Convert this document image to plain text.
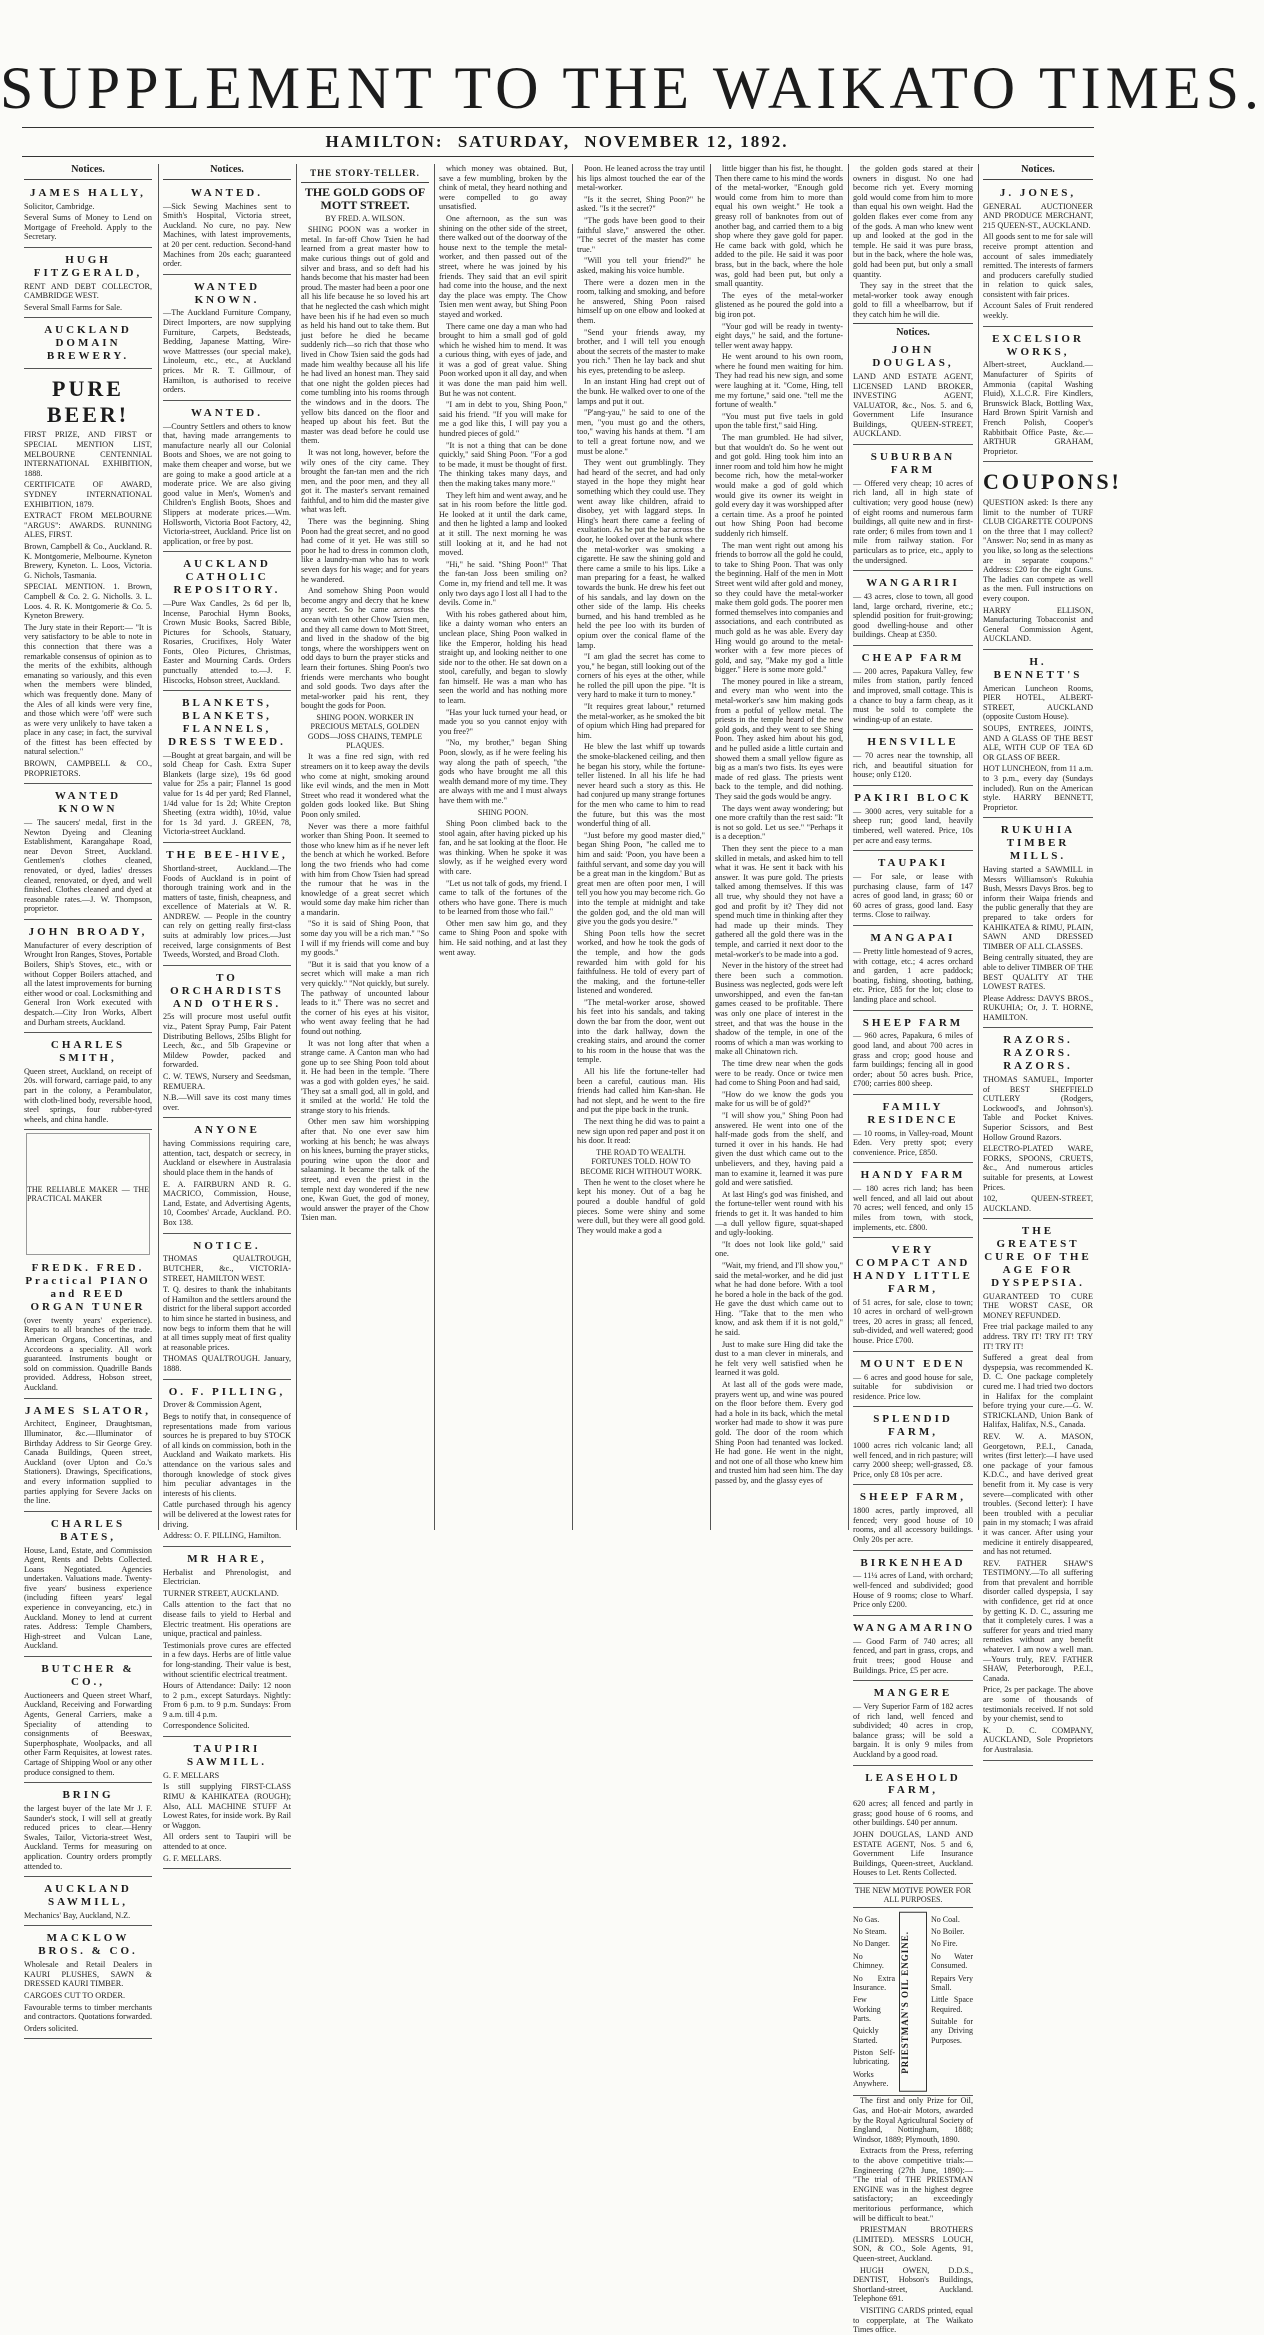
SUPPLEMENT TO THE WAIKATO TIMES.
HAMILTON: SATURDAY, NOVEMBER 12, 1892.
Notices.
JAMES HALLY,

Solicitor, Cambridge.

Several Sums of Money to Lend on Mortgage of Freehold. Apply to the Secretary.

HUGH FITZGERALD,

RENT AND DEBT COLLECTOR, CAMBRIDGE WEST.

Several Small Farms for Sale.

AUCKLAND DOMAIN BREWERY.
PURE BEER!

FIRST PRIZE, AND FIRST or SPECIAL MENTION LIST, MELBOURNE CENTENNIAL INTERNATIONAL EXHIBITION, 1888.

CERTIFICATE OF AWARD, SYDNEY INTERNATIONAL EXHIBITION, 1879.

EXTRACT FROM MELBOURNE "ARGUS": AWARDS. RUNNING ALES, FIRST.

Brown, Campbell & Co., Auckland. R. K. Montgomerie, Melbourne. Kyneton Brewery, Kyneton. L. Loos, Victoria. G. Nichols, Tasmania.

SPECIAL MENTION. 1. Brown, Campbell & Co. 2. G. Nicholls. 3. L. Loos. 4. R. K. Montgomerie & Co. 5. Kyneton Brewery.

The Jury state in their Report:— "It is very satisfactory to be able to note in this connection that there was a remarkable consensus of opinion as to the merits of the exhibits, although emanating so variously, and this even when the members were blinded, which was frequently done. Many of the Ales of all kinds were very fine, and those which were 'off' were such as were very unlikely to have taken a place in any case; in fact, the survival of the fittest has been effected by natural selection."

BROWN, CAMPBELL & CO., PROPRIETORS.

WANTED KNOWN

— The saucers' medal, first in the Newton Dyeing and Cleaning Establishment, Karangahape Road, near Devon Street, Auckland. Gentlemen's clothes cleaned, renovated, or dyed, ladies' dresses cleaned, renovated, or dyed, and well finished. Clothes cleaned and dyed at reasonable rates.—J. W. Thompson, proprietor.

JOHN BROADY,

Manufacturer of every description of Wrought Iron Ranges, Stoves, Portable Boilers, Ship's Stoves, etc., with or without Copper Boilers attached, and all the latest improvements for burning either wood or coal. Locksmithing and General Iron Work executed with despatch.—City Iron Works, Albert and Durham streets, Auckland.

CHARLES SMITH,

Queen street, Auckland, on receipt of 20s. will forward, carriage paid, to any part in the colony, a Perambulator, with cloth-lined body, reversible hood, steel springs, four rubber-tyred wheels, and china handle.

THE RELIABLE MAKER — THE PRACTICAL MAKER
FREDK. FRED. Practical PIANO and REED ORGAN TUNER

(over twenty years' experience). Repairs to all branches of the trade. American Organs, Concertinas, and Accordeons a speciality. All work guaranteed. Instruments bought or sold on commission. Quadrille Bands provided. Address, Hobson street, Auckland.

JAMES SLATOR,

Architect, Engineer, Draughtsman, Illuminator, &c.—Illuminator of Birthday Address to Sir George Grey. Canada Buildings, Queen street, Auckland (over Upton and Co.'s Stationers). Drawings, Specifications, and every information supplied to parties applying for Severe Jacks on the line.

CHARLES BATES,

House, Land, Estate, and Commission Agent, Rents and Debts Collected. Loans Negotiated. Agencies undertaken. Valuations made. Twenty-five years' business experience (including fifteen years' legal experience in conveyancing, etc.) in Auckland. Money to lend at current rates. Address: Temple Chambers, High-street and Vulcan Lane, Auckland.

BUTCHER & CO.,

Auctioneers and Queen street Wharf, Auckland, Receiving and Forwarding Agents, General Carriers, make a Speciality of attending to consignments of Beeswax, Superphosphate, Woolpacks, and all other Farm Requisites, at lowest rates. Cartage of Shipping Wool or any other produce consigned to them.

BRING

the largest buyer of the late Mr J. F. Saunder's stock, I will sell at greatly reduced prices to clear.—Henry Swales, Tailor, Victoria-street West, Auckland. Terms for measuring on application. Country orders promptly attended to.

AUCKLAND SAWMILL,

Mechanics' Bay, Auckland, N.Z.

MACKLOW BROS. & CO.

Wholesale and Retail Dealers in KAURI PLUSHES, SAWN & DRESSED KAURI TIMBER.

CARGOES CUT TO ORDER.

Favourable terms to timber merchants and contractors. Quotations forwarded.

Orders solicited.

Notices.
WANTED.

—Sick Sewing Machines sent to Smith's Hospital, Victoria street, Auckland. No cure, no pay. New Machines, with latest improvements, at 20 per cent. reduction. Second-hand Machines from 20s each; guaranteed order.

WANTED KNOWN.

—The Auckland Furniture Company, Direct Importers, are now supplying Furniture, Carpets, Bedsteads, Bedding, Japanese Matting, Wire-wove Mattresses (our special make), Linoleum, etc., etc., at Auckland prices. Mr R. T. Gillmour, of Hamilton, is authorised to receive orders.

WANTED.

—Country Settlers and others to know that, having made arrangements to manufacture nearly all our Colonial Boots and Shoes, we are not going to make them cheaper and worse, but we are going to make a good article at a moderate price. We are also giving good value in Men's, Women's and Children's English Boots, Shoes and Slippers at moderate prices.—Wm. Hollsworth, Victoria Boot Factory, 42, Victoria-street, Auckland. Price list on application, or free by post.

AUCKLAND CATHOLIC REPOSITORY.

—Pure Wax Candles, 2s 6d per lb, Incense, Parochial Hymn Books, Crown Music Books, Sacred Bible, Pictures for Schools, Statuary, Rosaries, Crucifixes, Holy Water Fonts, Oleo Pictures, Christmas, Easter and Mourning Cards. Orders punctually attended to.—J. F. Hiscocks, Hobson street, Auckland.

BLANKETS, BLANKETS, FLANNELS, DRESS TWEED.

—Bought at great bargain, and will be sold Cheap for Cash. Extra Super Blankets (large size), 19s 6d good value for 25s a pair; Flannel 1s good value for 1s 4d per yard; Red Flannel, 1/4d value for 1s 2d; White Crepton Sheeting (extra width), 10½d, value for 1s 3d yard. J. GREEN, 78, Victoria-street Auckland.

THE BEE-HIVE,

Shortland-street, Auckland.—The Foods of Auckland is in point of thorough training work and in the matters of taste, finish, cheapness, and excellence of Materials at W. R. ANDREW. — People in the country can rely on getting really first-class suits at admirably low prices.—Just received, large consignments of Best Tweeds, Worsted, and Broad Cloth.

TO ORCHARDISTS AND OTHERS.

25s will procure most useful outfit viz., Patent Spray Pump, Fair Patent Distributing Bellows, 25lbs Blight for Leech, &c., and 5lb Grapevine or Mildew Powder, packed and forwarded.

C. W. TEWS, Nursery and Seedsman, REMUERA.

N.B.—Will save its cost many times over.

ANYONE

having Commissions requiring care, attention, tact, despatch or secrecy, in Auckland or elsewhere in Australasia should place them in the hands of

E. A. FAIRBURN AND R. G. MACRICO, Commission, House, Land, Estate, and Advertising Agents, 10, Coombes' Arcade, Auckland. P.O. Box 138.

NOTICE.

THOMAS QUALTROUGH, BUTCHER, &c., VICTORIA-STREET, HAMILTON WEST.

T. Q. desires to thank the inhabitants of Hamilton and the settlers around the district for the liberal support accorded to him since he started in business, and now begs to inform them that he will at all times supply meat of first quality at reasonable prices.

THOMAS QUALTROUGH. January, 1888.

O. F. PILLING,

Drover & Commission Agent,

Begs to notify that, in consequence of representations made from various sources he is prepared to buy STOCK of all kinds on commission, both in the Auckland and Waikato markets. His attendance on the various sales and thorough knowledge of stock gives him peculiar advantages in the interests of his clients.

Cattle purchased through his agency will be delivered at the lowest rates for driving.

Address: O. F. PILLING, Hamilton.

MR HARE,

Herbalist and Phrenologist, and Electrician.

TURNER STREET, AUCKLAND.

Calls attention to the fact that no disease fails to yield to Herbal and Electric treatment. His operations are unique, practical and painless.

Testimonials prove cures are effected in a few days. Herbs are of little value for long-standing. Their value is best, without scientific electrical treatment.

Hours of Attendance: Daily: 12 noon to 2 p.m., except Saturdays. Nightly: From 6 p.m. to 9 p.m. Sundays: From 9 a.m. till 4 p.m.

Correspondence Solicited.

TAUPIRI SAWMILL.

G. F. MELLARS

Is still supplying FIRST-CLASS RIMU & KAHIKATEA (ROUGH); Also, ALL MACHINE STUFF At Lowest Rates, for inside work. By Rail or Waggon.

All orders sent to Taupiri will be attended to at once.

G. F. MELLARS.

THE STORY-TELLER.
THE GOLD GODS OF MOTT STREET.
BY FRED. A. WILSON.

SHING POON was a worker in metal. In far-off Chow Tsien he had learned from a great master how to make curious things out of gold and silver and brass, and so deft had his hands become that his master had been proud. The master had been a poor one all his life because he so loved his art that he neglected the cash which might have been his if he had even so much as held his hand out to take them. But just before he died he became suddenly rich—so rich that those who lived in Chow Tsien said the gods had made him wealthy because all his life he had lived an honest man. They said that one night the golden pieces had come tumbling into his rooms through the windows and in the doors. The yellow bits danced on the floor and heaped up about his feet. But the master was dead before he could use them.

It was not long, however, before the wily ones of the city came. They brought the fan-tan men and the rich men, and the poor men, and they all got it. The master's servant remained faithful, and to him did the master give what was left.

There was the beginning. Shing Poon had the great secret, and no good had come of it yet. He was still so poor he had to dress in common cloth, like a laundry-man who has to work seven days for his wage; and for years he wandered.

And somehow Shing Poon would become angry and decry that he knew any secret. So he came across the ocean with ten other Chow Tsien men, and they all came down to Mott Street, and lived in the shadow of the big tongs, where the worshippers went on odd days to burn the prayer sticks and learn their fortunes. Shing Poon's two friends were merchants who bought and sold goods. Two days after the metal-worker paid his rent, they bought the gods for Poon.

SHING POON. WORKER IN PRECIOUS METALS, GOLDEN GODS—JOSS CHAINS, TEMPLE PLAQUES.

It was a fine red sign, with red streamers on it to keep away the devils who come at night, smoking around like evil winds, and the men in Mott Street who read it wondered what the golden gods looked like. But Shing Poon only smiled.

Never was there a more faithful worker than Shing Poon. It seemed to those who knew him as if he never left the bench at which he worked. Before long the two friends who had come with him from Chow Tsien had spread the rumour that he was in the knowledge of a great secret which would some day make him richer than a mandarin.

"So it is said of Shing Poon, that some day you will be a rich man." "So I will if my friends will come and buy my goods."

"But it is said that you know of a secret which will make a man rich very quickly." "Not quickly, but surely. The pathway of uncounted labour leads to it." There was no secret and the corner of his eyes at his visitor, who went away feeling that he had found out nothing.

It was not long after that when a strange came. A Canton man who had gone up to see Shing Poon told about it. He had been in the temple. 'There was a god with golden eyes,' he said. 'They sat a small god, all in gold, and it smiled at the world.' He told the strange story to his friends.

Other men saw him worshipping after that. No one ever saw him working at his bench; he was always on his knees, burning the prayer sticks, pouring wine upon the door and salaaming. It became the talk of the street, and even the priest in the temple next day wondered if the new one, Kwan Guet, the god of money, would answer the prayer of the Chow Tsien man.

which money was obtained. But, save a few mumbling, broken by the chink of metal, they heard nothing and were compelled to go away unsatisfied.

One afternoon, as the sun was shining on the other side of the street, there walked out of the doorway of the house next to the temple the metal-worker, and then passed out of the street, where he was joined by his friends. They said that an evil spirit had come into the house, and the next day the place was empty. The Chow Tsien men went away, but Shing Poon stayed and worked.

There came one day a man who had brought to him a small god of gold which he wished him to mend. It was a curious thing, with eyes of jade, and it was a god of great value. Shing Poon worked upon it all day, and when it was done the man paid him well. But he was not content.

"I am in debt to you, Shing Poon," said his friend. "If you will make for me a god like this, I will pay you a hundred pieces of gold."

"It is not a thing that can be done quickly," said Shing Poon. "For a god to be made, it must be thought of first. The thinking takes many days, and then the making takes many more."

They left him and went away, and he sat in his room before the little god. He looked at it until the dark came, and then he lighted a lamp and looked at it still. The next morning he was still looking at it, and he had not moved.

"Hi," he said. "Shing Poon!" That the fan-tan Joss been smiling on? Come in, my friend and tell me. It was only two days ago I lost all I had to the devils. Come in."

With his robes gathered about him, like a dainty woman who enters an unclean place, Shing Poon walked in like the Emperor, holding his head straight up, and looking neither to one side nor to the other. He sat down on a stool, carefully, and began to slowly fan himself. He was a man who has seen the world and has nothing more to learn.

"Has your luck turned your head, or made you so you cannot enjoy with you free?"

"No, my brother," began Shing Poon, slowly, as if he were feeling his way along the path of speech, "the gods who have brought me all this wealth demand more of my time. They are always with me and I must always have them with me."

SHING POON.

Shing Poon climbed back to the stool again, after having picked up his fan, and he sat looking at the floor. He was thinking. When he spoke it was slowly, as if he weighed every word with care.

"Let us not talk of gods, my friend. I came to talk of the fortunes of the others who have gone. There is much to be learned from those who fail."

Other men saw him go, and they came to Shing Poon and spoke with him. He said nothing, and at last they went away.

Poon. He leaned across the tray until his lips almost touched the ear of the metal-worker.

"Is it the secret, Shing Poon?" he asked. "Is it the secret?"

"The gods have been good to their faithful slave," answered the other. "The secret of the master has come true."

"Will you tell your friend?" he asked, making his voice humble.

There were a dozen men in the room, talking and smoking, and before he answered, Shing Poon raised himself up on one elbow and looked at them.

"Send your friends away, my brother, and I will tell you enough about the secrets of the master to make you rich." Then he lay back and shut his eyes, pretending to be asleep.

In an instant Hing had crept out of the bunk. He walked over to one of the lamps and put it out.

"P'ang-yau," he said to one of the men, "you must go and the others, too," waving his hands at them. "I am to tell a great fortune now, and we must be alone."

They went out grumblingly. They had heard of the secret, and had only stayed in the hope they might hear something which they could use. They went away like children, afraid to disobey, yet with laggard steps. In Hing's heart there came a feeling of exultation. As he put the bar across the door, he looked over at the bunk where the metal-worker was smoking a cigarette. He saw the shining gold and there came a smile to his lips. Like a man preparing for a feast, he walked towards the bunk. He drew his feet out of his sandals, and lay down on the other side of the lamp. His cheeks burned, and his hand trembled as he held the pee loo with its burden of opium over the conical flame of the lamp.

"I am glad the secret has come to you," he began, still looking out of the corners of his eyes at the other, while he rolled the pill upon the pipe. "It is very hard to make it turn to money."

"It requires great labour," returned the metal-worker, as he smoked the bit of opium which Hing had prepared for him.

He blew the last whiff up towards the smoke-blackened ceiling, and then he began his story, while the fortune-teller listened. In all his life he had never heard such a story as this. He had conjured up many strange fortunes for the men who came to him to read the future, but this was the most wonderful thing of all.

"Just before my good master died," began Shing Poon, "he called me to him and said: 'Poon, you have been a faithful servant, and some day you will be a great man in the kingdom.' But as great men are often poor men, I will tell you how you may become rich. Go into the temple at midnight and take the golden god, and the old man will give you the gods you desire.'"

Shing Poon tells how the secret worked, and how he took the gods of the temple, and how the gods rewarded him with gold for his faithfulness. He told of every part of the making, and the fortune-teller listened and wondered.

"The metal-worker arose, showed his feet into his sandals, and taking down the bar from the door, went out into the dark hallway, down the creaking stairs, and around the corner to his room in the house that was the temple.

All his life the fortune-teller had been a careful, cautious man. His friends had called him Kan-shan. He had not slept, and he went to the fire and put the pipe back in the trunk.

The next thing he did was to paint a new sign upon red paper and post it on his door. It read:

THE ROAD TO WEALTH. FORTUNES TOLD. HOW TO BECOME RICH WITHOUT WORK.

Then he went to the closet where he kept his money. Out of a bag he poured a double handful of gold pieces. Some were shiny and some were dull, but they were all good gold. They would make a god a

little bigger than his fist, he thought. Then there came to his mind the words of the metal-worker, "Enough gold would come from him to more than equal his own weight." He took a greasy roll of banknotes from out of another bag, and carried them to a big shop where they gave gold for paper. He came back with gold, which he added to the pile. He said it was poor brass, but in the back, where the hole was, gold had been put, but only a small quantity.

The eyes of the metal-worker glistened as he poured the gold into a big iron pot.

"Your god will be ready in twenty-eight days," he said, and the fortune-teller went away happy.

He went around to his own room, where he found men waiting for him. They had read his new sign, and some were laughing at it. "Come, Hing, tell me my fortune," said one. "tell me the fortune of wealth."

"You must put five taels in gold upon the table first," said Hing.

The man grumbled. He had silver, but that wouldn't do. So he went out and got gold. Hing took him into an inner room and told him how he might become rich, how the metal-worker would make a god of gold which would give its owner its weight in gold every day it was worshipped after a certain time. As a proof he pointed out how Shing Poon had become suddenly rich himself.

The man went right out among his friends to borrow all the gold he could, to take to Shing Poon. That was only the beginning. Half of the men in Mott Street went wild after gold and money, so they could have the metal-worker make them gold gods. The poorer men formed themselves into companies and associations, and each contributed as much gold as he was able. Every day Hing would go around to the metal-worker with a few more pieces of gold, and say, "Make my god a little bigger." Here is some more gold."

The money poured in like a stream, and every man who went into the metal-worker's saw him making gods from a potful of yellow metal. The priests in the temple heard of the new gold gods, and they went to see Shing Poon. They asked him about his god, and he pulled aside a little curtain and showed them a small yellow figure as big as a man's two fists. Its eyes were made of red glass. The priests went back to the temple, and did nothing. They said the gods would be angry.

The days went away wondering; but one more craftily than the rest said: "It is not so gold. Let us see." "Perhaps it is a deception."

Then they sent the piece to a man skilled in metals, and asked him to tell what it was. He sent it back with his answer. It was pure gold. The priests talked among themselves. If this was all true, why should they not have a god and profit by it? They did not spend much time in thinking after they had made up their minds. They gathered all the gold there was in the temple, and carried it next door to the metal-worker's to be made into a god.

Never in the history of the street had there been such a commotion. Business was neglected, gods were left unworshipped, and even the fan-tan games ceased to be profitable. There was only one place of interest in the street, and that was the house in the shadow of the temple, in one of the rooms of which a man was working to make all Chinatown rich.

The time drew near when the gods were to be ready. Once or twice men had come to Shing Poon and had said,

"How do we know the gods you make for us will be of gold?"

"I will show you," Shing Poon had answered. He went into one of the half-made gods from the shelf, and turned it over in his hands. He had given the dust which came out to the unbelievers, and they, having paid a man to examine it, learned it was pure gold and were satisfied.

At last Hing's god was finished, and the fortune-teller went round with his friends to get it. It was handed to him—a dull yellow figure, squat-shaped and ugly-looking.

"It does not look like gold," said one.

"Wait, my friend, and I'll show you," said the metal-worker, and he did just what he had done before. With a tool he bored a hole in the back of the god. He gave the dust which came out to Hing. "Take that to the men who know, and ask them if it is not gold," he said.

Just to make sure Hing did take the dust to a man clever in minerals, and he felt very well satisfied when he learned it was gold.

At last all of the gods were made, prayers went up, and wine was poured on the floor before them. Every god had a hole in its back, which the metal worker had made to show it was pure gold. The door of the room which Shing Poon had tenanted was locked. He had gone. He went in the night, and not one of all those who knew him and trusted him had seen him. The day passed by, and the glassy eyes of

the golden gods stared at their owners in disgust. No one had become rich yet. Every morning gold would come from him to more than equal his own weight. Had the golden flakes ever come from any of the gods. A man who knew went up and looked at the god in the temple. He said it was pure brass, but in the back, where the hole was, gold had been put, but only a small quantity.

They say in the street that the metal-worker took away enough gold to fill a wheelbarrow, but if they catch him he will die.

Notices.
JOHN DOUGLAS,

LAND AND ESTATE AGENT, LICENSED LAND BROKER, INVESTING AGENT, VALUATOR, &c., Nos. 5. and 6, Government Life Insurance Buildings, QUEEN-STREET, AUCKLAND.

SUBURBAN FARM

— Offered very cheap; 10 acres of rich land, all in high state of cultivation; very good house (new) of eight rooms and numerous farm buildings, all quite new and in first-rate order; 6 miles from town and 1 mile from railway station. For particulars as to price, etc., apply to the undersigned.

WANGARIRI

— 43 acres, close to town, all good land, large orchard, riverine, etc.; splendid position for fruit-growing; good dwelling-house and other buildings. Cheap at £350.

CHEAP FARM

— 200 acres, Papakura Valley, few miles from station, partly fenced and improved, small cottage. This is a chance to buy a farm cheap, as it must be sold to complete the winding-up of an estate.

HENSVILLE

— 70 acres near the township, all rich, and beautiful situation for house; only £120.

PAKIRI BLOCK

— 3000 acres, very suitable for a sheep run; good land, heavily timbered, well watered. Price, 10s per acre and easy terms.

TAUPAKI

— For sale, or lease with purchasing clause, farm of 147 acres of good land, in grass; 60 or 60 acres of grass, good land. Easy terms. Close to railway.

MANGAPAI

— Pretty little homestead of 9 acres, with cottage, etc.; 4 acres orchard and garden, 1 acre paddock; boating, fishing, shooting, bathing, etc. Price, £85 for the lot; close to landing place and school.

SHEEP FARM

— 960 acres, Papakura, 6 miles of good land, and about 700 acres in grass and crop; good house and farm buildings; fencing all in good order; about 50 acres bush. Price, £700; carries 800 sheep.

FAMILY RESIDENCE

— 10 rooms, in Valley-road, Mount Eden. Very pretty spot; every convenience. Price, £850.

HANDY FARM

— 180 acres rich land; has been well fenced, and all laid out about 70 acres; well fenced, and only 15 miles from town, with stock, implements, etc. £800.

VERY COMPACT AND HANDY LITTLE FARM,

of 51 acres, for sale, close to town; 10 acres in orchard of well-grown trees, 20 acres in grass; all fenced, sub-divided, and well watered; good house. Price £700.

MOUNT EDEN

— 6 acres and good house for sale, suitable for subdivision or residence. Price low.

SPLENDID FARM,

1000 acres rich volcanic land; all well fenced, and in rich pasture; will carry 2000 sheep; well-grassed, £8. Price, only £8 10s per acre.

SHEEP FARM,

1800 acres, partly improved, all fenced; very good house of 10 rooms, and all accessory buildings. Only 20s per acre.

BIRKENHEAD

— 11¼ acres of Land, with orchard; well-fenced and subdivided; good House of 9 rooms; close to Wharf. Price only £200.

WANGAMARINO

— Good Farm of 740 acres; all fenced, and part in grass, crops, and fruit trees; good House and Buildings. Price, £5 per acre.

MANGERE

— Very Superior Farm of 182 acres of rich land, well fenced and subdivided; 40 acres in crop, balance grass; will be sold a bargain. It is only 9 miles from Auckland by a good road.

LEASEHOLD FARM,

620 acres; all fenced and partly in grass; good house of 6 rooms, and other buildings. £40 per annum.

JOHN DOUGLAS, LAND AND ESTATE AGENT, Nos. 5 and 6, Government Life Insurance Buildings, Queen-street, Auckland. Houses to Let. Rents Collected.

THE NEW MOTIVE POWER FOR ALL PURPOSES.
No Gas.
No Steam.
No Danger.
No Chimney.
No Extra Insurance.
Few Working Parts.
Quickly Started.
Piston Self-lubricating.
Works Anywhere.
PRIESTMAN'S OIL ENGINE.
No Coal.
No Boiler.
No Fire.
No Water Consumed.
Repairs Very Small.
Little Space Required.
Suitable for any Driving Purposes.

The first and only Prize for Oil, Gas, and Hot-air Motors, awarded by the Royal Agricultural Society of England, Nottingham, 1888; Windsor, 1889; Plymouth, 1890.

Extracts from the Press, referring to the above competitive trials:— Engineering (27th June, 1890):— "The trial of THE PRIESTMAN ENGINE was in the highest degree satisfactory; an exceedingly meritorious performance, which will be difficult to beat."

PRIESTMAN BROTHERS (LIMITED). MESSRS LOUCH, SON, & CO., Sole Agents, 91, Queen-street, Auckland.

HUGH OWEN, D.D.S., DENTIST, Hobson's Buildings, Shortland-street, Auckland. Telephone 691.

VISITING CARDS printed, equal to copperplate, at The Waikato Times office.

Notices.
J. JONES,

GENERAL AUCTIONEER AND PRODUCE MERCHANT, 215 QUEEN-ST., AUCKLAND.

All goods sent to me for sale will receive prompt attention and account of sales immediately remitted. The interests of farmers and producers carefully studied in relation to quick sales, consistent with fair prices.

Account Sales of Fruit rendered weekly.

EXCELSIOR WORKS,

Albert-street, Auckland.—Manufacturer of Spirits of Ammonia (capital Washing Fluid), X.L.C.R. Fire Kindlers, Brunswick Black, Bottling Wax, Hard Brown Spirit Varnish and French Polish, Cooper's Rabbitbait Office Paste, &c.—ARTHUR GRAHAM, Proprietor.

COUPONS!

QUESTION asked: Is there any limit to the number of TURF CLUB CIGARETTE COUPONS on the three that I may collect? "Answer: No; send in as many as you like, so long as the selections are in separate coupons." Address: £20 for the eight Guns. The ladies can compete as well as the men. Full instructions on every coupon.

HARRY ELLISON, Manufacturing Tobacconist and General Commission Agent, AUCKLAND.

H. BENNETT'S

American Luncheon Rooms, PIER HOTEL, ALBERT-STREET, AUCKLAND (opposite Custom House).

SOUPS, ENTREES, JOINTS, AND A GLASS OF THE BEST ALE, WITH CUP OF TEA 6D OR GLASS OF BEER.

HOT LUNCHEON, from 11 a.m. to 3 p.m., every day (Sundays included). Run on the American style. HARRY BENNETT, Proprietor.

RUKUHIA TIMBER MILLS.

Having started a SAWMILL in Messrs Williamson's Rukuhia Bush, Messrs Davys Bros. beg to inform their Waipa friends and the public generally that they are prepared to take orders for KAHIKATEA & RIMU, PLAIN, SAWN AND DRESSED TIMBER OF ALL CLASSES.

Being centrally situated, they are able to deliver TIMBER OF THE BEST QUALITY AT THE LOWEST RATES.

Please Address: DAVYS BROS., RUKUHIA; Or, J. T. HORNE, HAMILTON.

RAZORS. RAZORS. RAZORS.

THOMAS SAMUEL, Importer of BEST SHEFFIELD CUTLERY (Rodgers, Lockwood's, and Johnson's). Table and Pocket Knives. Superior Scissors, and Best Hollow Ground Razors.

ELECTRO-PLATED WARE, FORKS, SPOONS, CRUETS, &c., And numerous articles suitable for presents, at Lowest Prices.

102, QUEEN-STREET, AUCKLAND.

THE GREATEST CURE OF THE AGE FOR DYSPEPSIA.

GUARANTEED TO CURE THE WORST CASE, OR MONEY REFUNDED.

Free trial package mailed to any address. TRY IT! TRY IT! TRY IT! TRY IT!

Suffered a great deal from dyspepsia, was recommended K. D. C. One package completely cured me. I had tried two doctors in Halifax for the complaint before trying your cure.—G. W. STRICKLAND, Union Bank of Halifax, Halifax, N.S., Canada.

REV. W. A. MASON, Georgetown, P.E.I., Canada, writes (first letter):—I have used one package of your famous K.D.C., and have derived great benefit from it. My case is very severe—complicated with other troubles. (Second letter): I have been troubled with a peculiar pain in my stomach; I was afraid it was cancer. After using your medicine it entirely disappeared, and has not returned.

REV. FATHER SHAW'S TESTIMONY.—To all suffering from that prevalent and horrible disorder called dyspepsia, I say with confidence, get rid at once by getting K. D. C., assuring me that it completely cures. I was a sufferer for years and tried many remedies without any benefit whatever. I am now a well man.—Yours truly, REV. FATHER SHAW, Peterborough, P.E.I., Canada.

Price, 2s per package. The above are some of thousands of testimonials received. If not sold by your chemist, send to

K. D. C. COMPANY, AUCKLAND, Sole Proprietors for Australasia.
